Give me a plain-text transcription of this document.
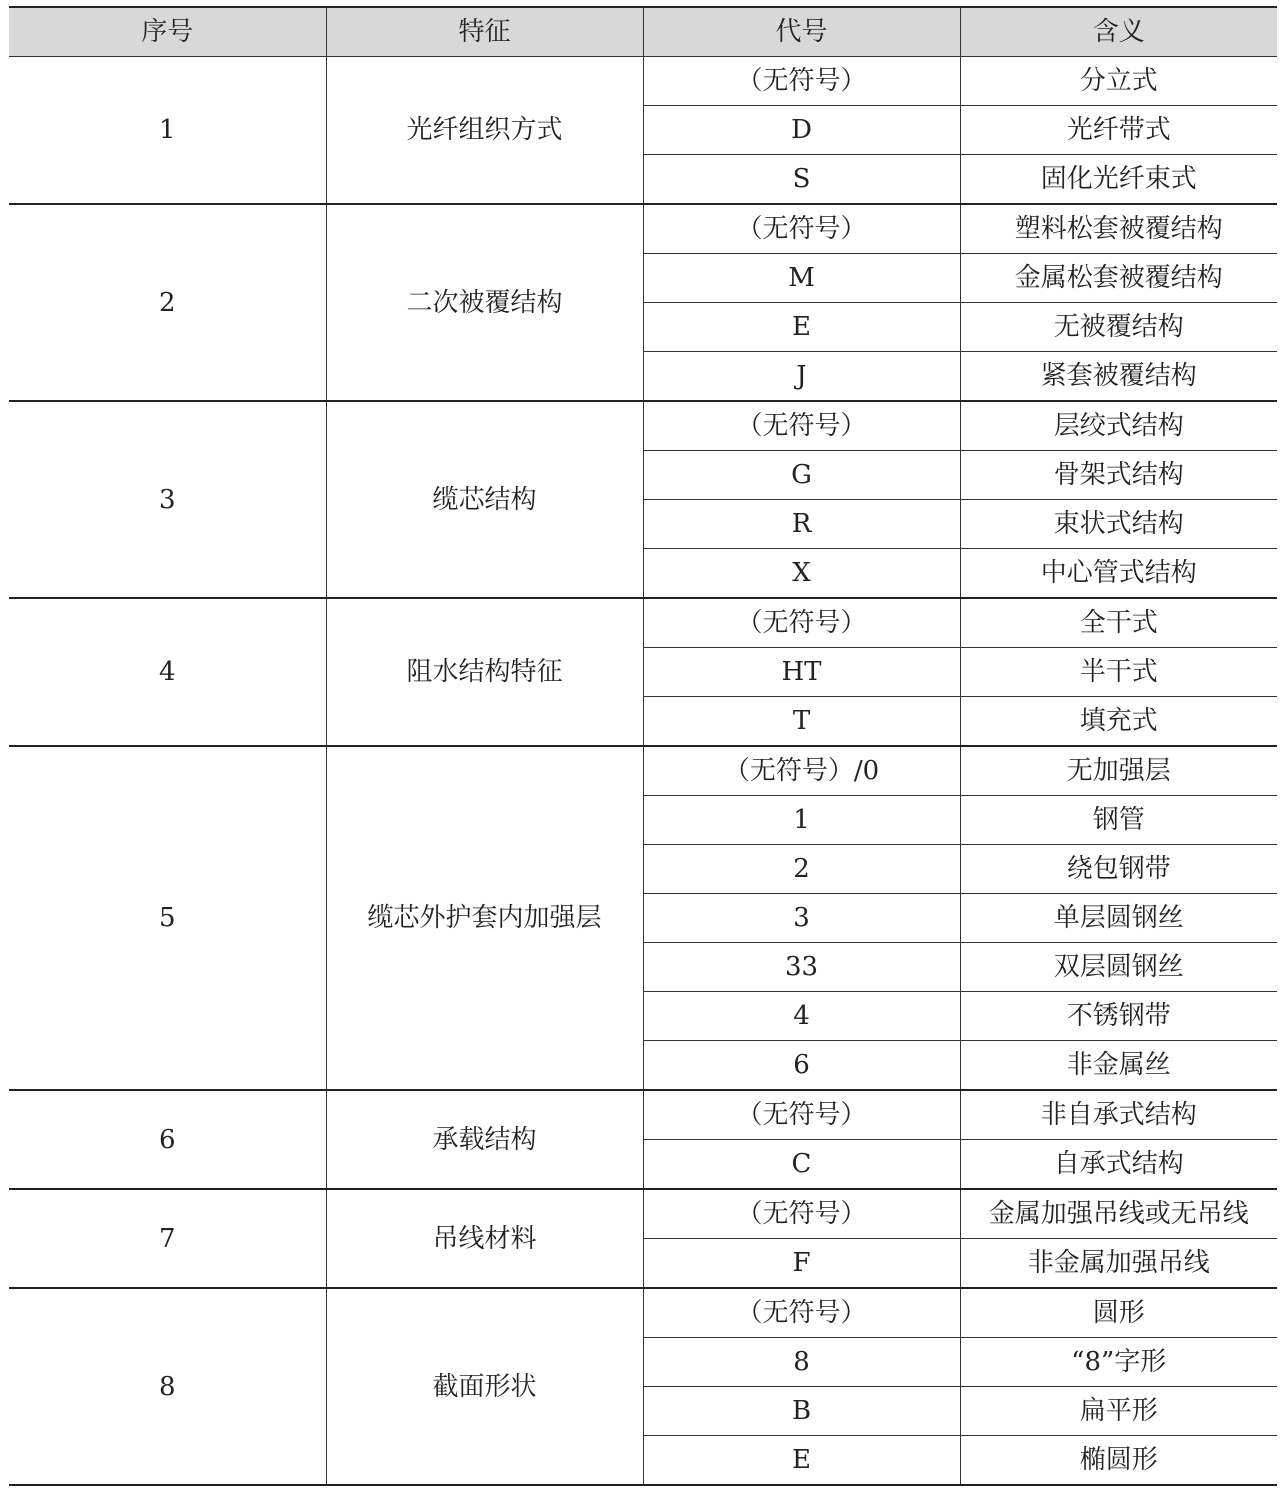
序号	特征	代号	含义
1	光纤组织方式	（无符号）	分立式
		D	光纤带式
		S	固化光纤束式
2	二次被覆结构	（无符号）	塑料松套被覆结构
		M	金属松套被覆结构
		E	无被覆结构
		J	紧套被覆结构
3	缆芯结构	（无符号）	层绞式结构
		G	骨架式结构
		R	束状式结构
		X	中心管式结构
4	阻水结构特征	（无符号）	全干式
		HT	半干式
		T	填充式
5	缆芯外护套内加强层	（无符号）/0	无加强层
		1	钢管
		2	绕包钢带
		3	单层圆钢丝
		33	双层圆钢丝
		4	不锈钢带
		6	非金属丝
6	承载结构	（无符号）	非自承式结构
		C	自承式结构
7	吊线材料	（无符号）	金属加强吊线或无吊线
		F	非金属加强吊线
8	截面形状	（无符号）	圆形
		8	“8”字形
		B	扁平形
		E	椭圆形
